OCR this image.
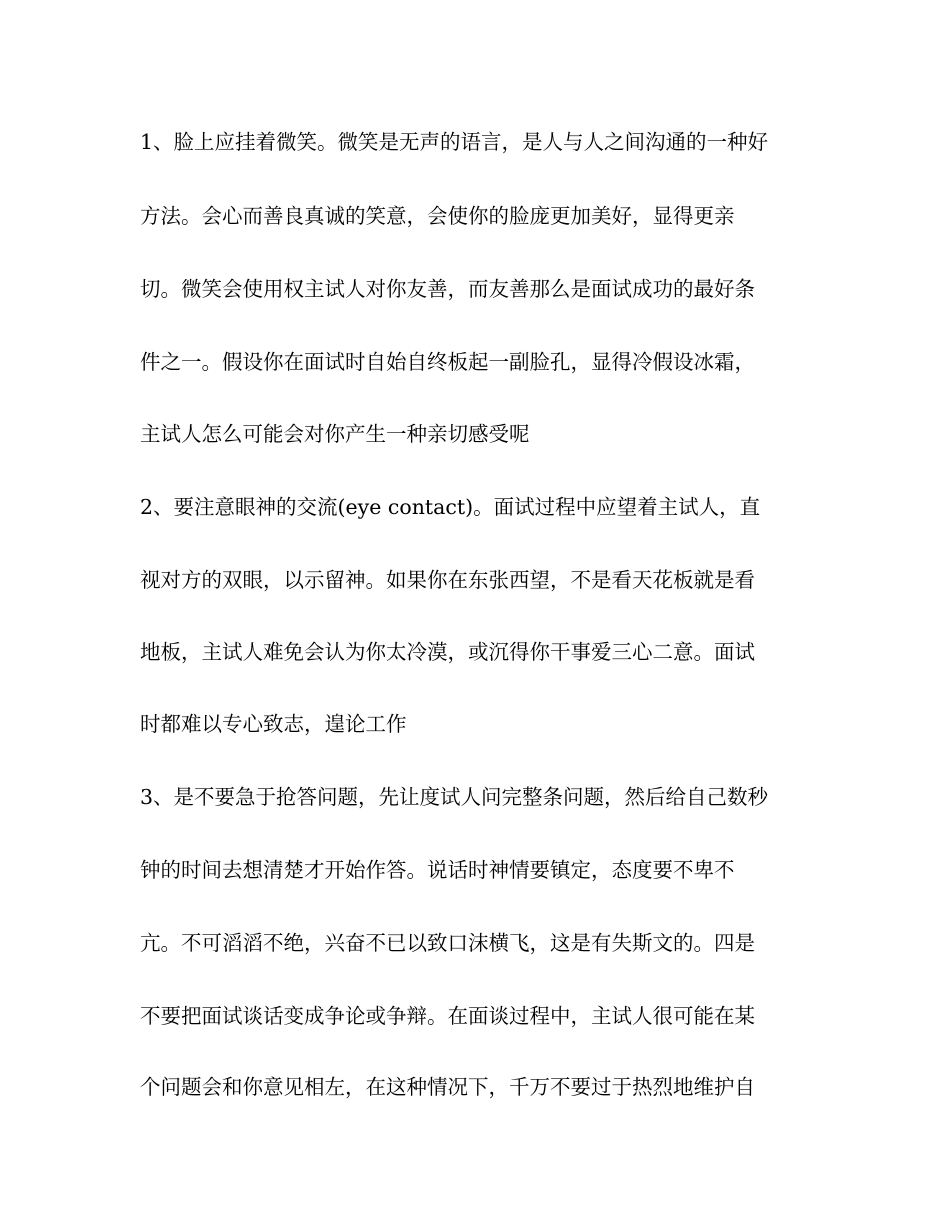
1、脸上应挂着微笑。微笑是无声的语言，是人与人之间沟通的一种好
方法。会心而善良真诚的笑意，会使你的脸庞更加美好，显得更亲
切。微笑会使用权主试人对你友善，而友善那么是面试成功的最好条
件之一。假设你在面试时自始自终板起一副脸孔，显得冷假设冰霜，
主试人怎么可能会对你产生一种亲切感受呢
2、要注意眼神的交流(eye contact)。面试过程中应望着主试人，直
视对方的双眼，以示留神。如果你在东张西望，不是看天花板就是看
地板，主试人难免会认为你太冷漠，或沉得你干事爱三心二意。面试
时都难以专心致志，遑论工作
3、是不要急于抢答问题，先让度试人问完整条问题，然后给自己数秒
钟的时间去想清楚才开始作答。说话时神情要镇定，态度要不卑不
亢。不可滔滔不绝，兴奋不已以致口沫横飞，这是有失斯文的。四是
不要把面试谈话变成争论或争辩。在面谈过程中，主试人很可能在某
个问题会和你意见相左，在这种情况下，千万不要过于热烈地维护自
